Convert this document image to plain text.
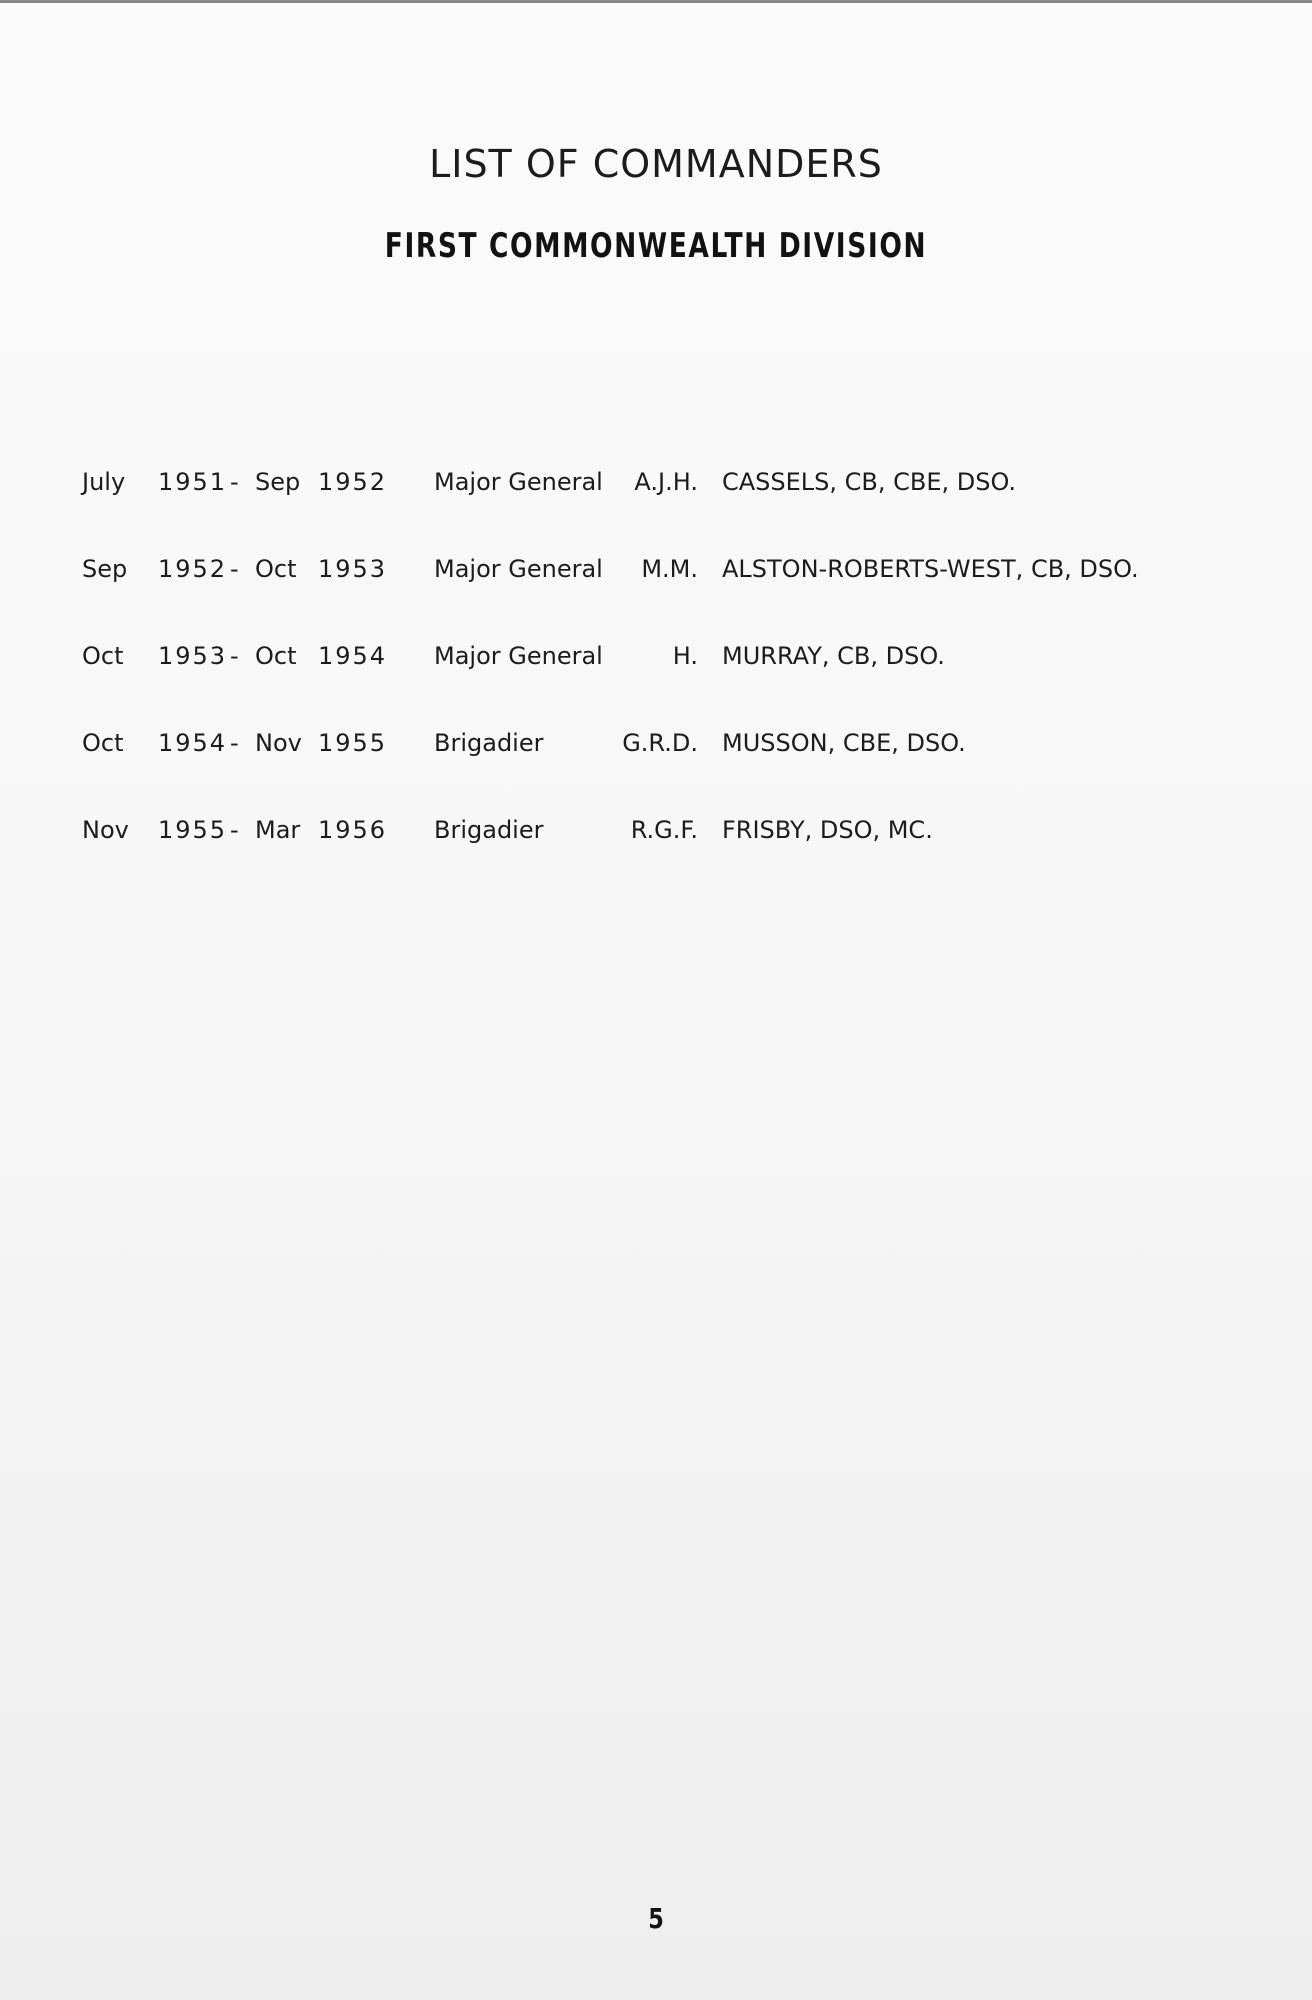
LIST OF COMMANDERS
FIRST COMMONWEALTH DIVISION
July 1951 - Sep 1952 Major General	A.J.H. CASSELS, CB, CBE, DSO.
Sep 1952 - Oct 1953 Major General	M.M. ALSTON-ROBERTS-WEST, CB, DSO.
Oct 1953 - Oct 1954 Major General	H. MURRAY, CB, DSO.
Oct 1954 - Nov 1955 Brigadier	G.R.D. MUSSON, CBE, DSO.
Nov 1955 - Mar 1956 Brigadier	R.G.F. FRISBY, DSO, MC.

5
